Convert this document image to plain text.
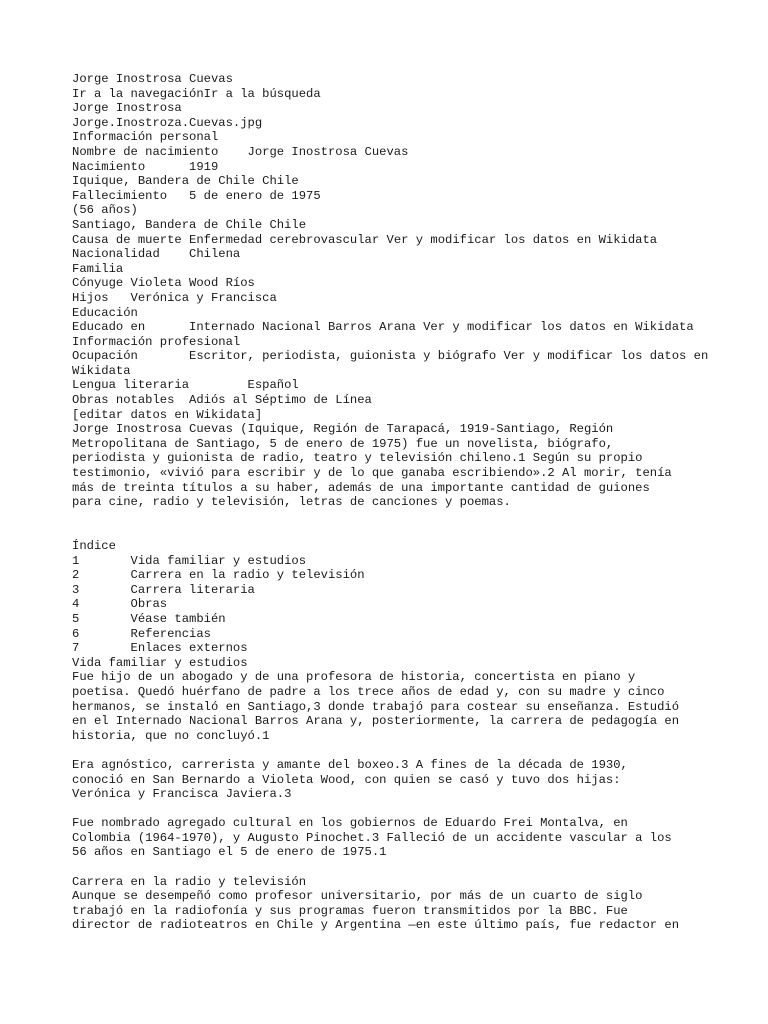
Jorge Inostrosa Cuevas
Ir a la navegaciónIr a la búsqueda
Jorge Inostrosa
Jorge.Inostroza.Cuevas.jpg
Información personal
Nombre de nacimiento	Jorge Inostrosa Cuevas
Nacimiento	1919
Iquique, Bandera de Chile Chile
Fallecimiento	5 de enero de 1975
(56 años)
Santiago, Bandera de Chile Chile
Causa de muerte	Enfermedad cerebrovascular Ver y modificar los datos en Wikidata
Nacionalidad	Chilena
Familia
Cónyuge	Violeta Wood Ríos
Hijos	Verónica y Francisca
Educación
Educado en	Internado Nacional Barros Arana Ver y modificar los datos en Wikidata
Información profesional
Ocupación	Escritor, periodista, guionista y biógrafo Ver y modificar los datos en
Wikidata
Lengua literaria	Español
Obras notables	Adiós al Séptimo de Línea
[editar datos en Wikidata]
Jorge Inostrosa Cuevas (Iquique, Región de Tarapacá, 1919-Santiago, Región
Metropolitana de Santiago, 5 de enero de 1975) fue un novelista, biógrafo,
periodista y guionista de radio, teatro y televisión chileno.1 Según su propio
testimonio, «vivió para escribir y de lo que ganaba escribiendo».2 Al morir, tenía
más de treinta títulos a su haber, además de una importante cantidad de guiones
para cine, radio y televisión, letras de canciones y poemas.
Índice
1	Vida familiar y estudios
2	Carrera en la radio y televisión
3	Carrera literaria
4	Obras
5	Véase también
6	Referencias
7	Enlaces externos
Vida familiar y estudios
Fue hijo de un abogado y de una profesora de historia, concertista en piano y
poetisa. Quedó huérfano de padre a los trece años de edad y, con su madre y cinco
hermanos, se instaló en Santiago,3 donde trabajó para costear su enseñanza. Estudió
en el Internado Nacional Barros Arana y, posteriormente, la carrera de pedagogía en
historia, que no concluyó.1
Era agnóstico, carrerista y amante del boxeo.3 A fines de la década de 1930,
conoció en San Bernardo a Violeta Wood, con quien se casó y tuvo dos hijas:
Verónica y Francisca Javiera.3
Fue nombrado agregado cultural en los gobiernos de Eduardo Frei Montalva, en
Colombia (1964-1970), y Augusto Pinochet.3 Falleció de un accidente vascular a los
56 años en Santiago el 5 de enero de 1975.1
Carrera en la radio y televisión
Aunque se desempeñó como profesor universitario, por más de un cuarto de siglo
trabajó en la radiofonía y sus programas fueron transmitidos por la BBC. Fue
director de radioteatros en Chile y Argentina —en este último país, fue redactor en
